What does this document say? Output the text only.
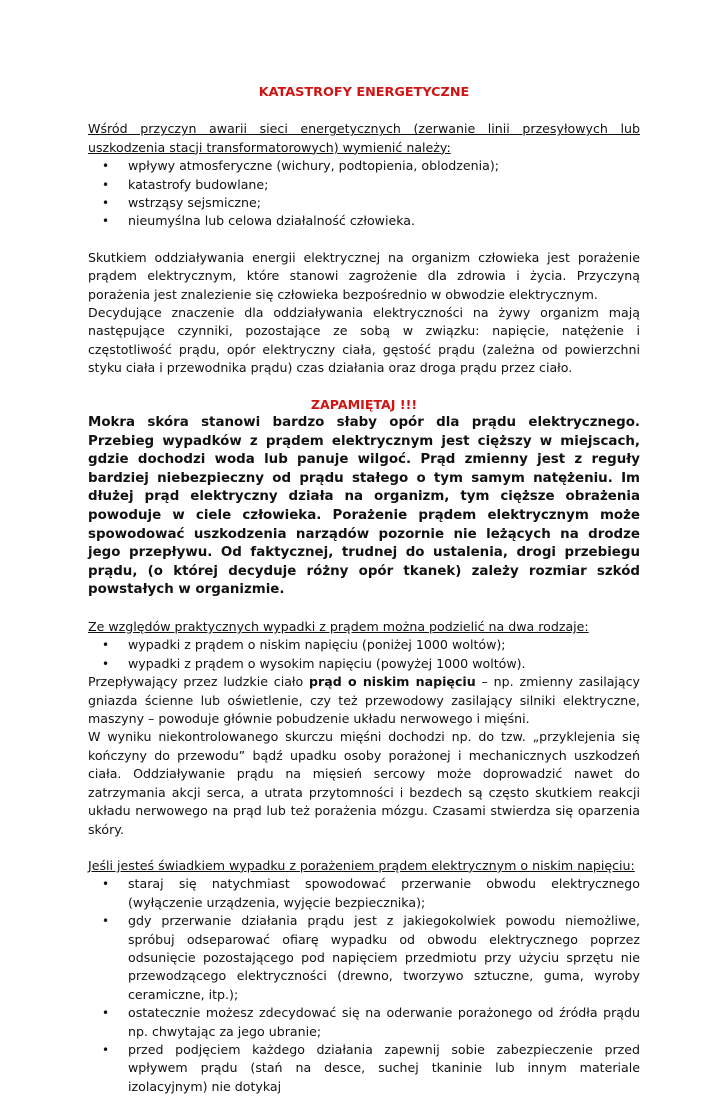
KATASTROFY ENERGETYCZNE

Wśród przyczyn awarii sieci energetycznych (zerwanie linii przesyłowych lub uszkodzenia stacji transformatorowych) wymienić należy:

• wpływy atmosferyczne (wichury, podtopienia, oblodzenia);
• katastrofy budowlane;
• wstrząsy sejsmiczne;
• nieumyślna lub celowa działalność człowieka.

Skutkiem oddziaływania energii elektrycznej na organizm człowieka jest porażenie prądem elektrycznym, które stanowi zagrożenie dla zdrowia i życia. Przyczyną porażenia jest znalezienie się człowieka bezpośrednio w obwodzie elektrycznym.

Decydujące znaczenie dla oddziaływania elektryczności na żywy organizm mają następujące czynniki, pozostające ze sobą w związku: napięcie, natężenie i częstotliwość prądu, opór elektryczny ciała, gęstość prądu (zależna od powierzchni styku ciała i przewodnika prądu) czas działania oraz droga prądu przez ciało.

ZAPAMIĘTAJ !!!

Mokra skóra stanowi bardzo słaby opór dla prądu elektrycznego. Przebieg wypadków z prądem elektrycznym jest cięższy w miejscach, gdzie dochodzi woda lub panuje wilgoć. Prąd zmienny jest z reguły bardziej niebezpieczny od prądu stałego o tym samym natężeniu. Im dłużej prąd elektryczny działa na organizm, tym cięższe obrażenia powoduje w ciele człowieka. Porażenie prądem elektrycznym może spowodować uszkodzenia narządów pozornie nie leżących na drodze jego przepływu. Od faktycznej, trudnej do ustalenia, drogi przebiegu prądu, (o której decyduje różny opór tkanek) zależy rozmiar szkód powstałych w organizmie.

Ze względów praktycznych wypadki z prądem można podzielić na dwa rodzaje:

• wypadki z prądem o niskim napięciu (poniżej 1000 woltów);
• wypadki z prądem o wysokim napięciu (powyżej 1000 woltów).

Przepływający przez ludzkie ciało prąd o niskim napięciu – np. zmienny zasilający gniazda ścienne lub oświetlenie, czy też przewodowy zasilający silniki elektryczne, maszyny – powoduje głównie pobudzenie układu nerwowego i mięśni.

W wyniku niekontrolowanego skurczu mięśni dochodzi np. do tzw. „przyklejenia się kończyny do przewodu” bądź upadku osoby porażonej i mechanicznych uszkodzeń ciała. Oddziaływanie prądu na mięsień sercowy może doprowadzić nawet do zatrzymania akcji serca, a utrata przytomności i bezdech są często skutkiem reakcji układu nerwowego na prąd lub też porażenia mózgu. Czasami stwierdza się oparzenia skóry.

Jeśli jesteś świadkiem wypadku z porażeniem prądem elektrycznym o niskim napięciu:

• staraj się natychmiast spowodować przerwanie obwodu elektrycznego (wyłączenie urządzenia, wyjęcie bezpiecznika);
• gdy przerwanie działania prądu jest z jakiegokolwiek powodu niemożliwe, spróbuj odseparować ofiarę wypadku od obwodu elektrycznego poprzez odsunięcie pozostającego pod napięciem przedmiotu przy użyciu sprzętu nie przewodzącego elektryczności (drewno, tworzywo sztuczne, guma, wyroby ceramiczne, itp.);
• ostatecznie możesz zdecydować się na oderwanie porażonego od źródła prądu np. chwytając za jego ubranie;
• przed podjęciem każdego działania zapewnij sobie zabezpieczenie przed wpływem prądu (stań na desce, suchej tkaninie lub innym materiale izolacyjnym) nie dotykaj
